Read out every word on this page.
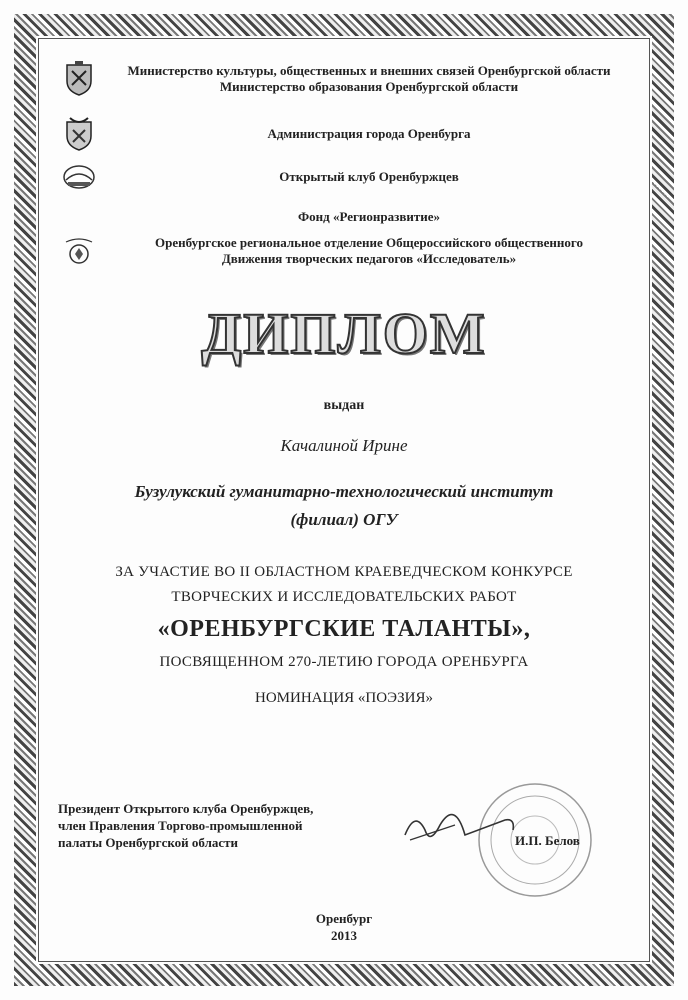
Министерство культуры, общественных и внешних связей Оренбургской области
Министерство образования Оренбургской области
Администрация города Оренбурга
Открытый клуб Оренбуржцев
Фонд «Регионразвитие»
Оренбургское региональное отделение Общероссийского общественного
Движения творческих педагогов «Исследователь»
ДИПЛОМ
выдан
Качалиной Ирине
Бузулукский гуманитарно-технологический институт
(филиал) ОГУ
ЗА УЧАСТИЕ ВО II ОБЛАСТНОМ КРАЕВЕДЧЕСКОМ КОНКУРСЕ
ТВОРЧЕСКИХ И ИССЛЕДОВАТЕЛЬСКИХ РАБОТ
«ОРЕНБУРГСКИЕ ТАЛАНТЫ»,
ПОСВЯЩЕННОМ 270-ЛЕТИЮ ГОРОДА ОРЕНБУРГА
НОМИНАЦИЯ «ПОЭЗИЯ»
Президент Открытого клуба Оренбуржцев,
член Правления Торгово-промышленной
палаты Оренбургской области	И.П. Белов
Оренбург
2013
